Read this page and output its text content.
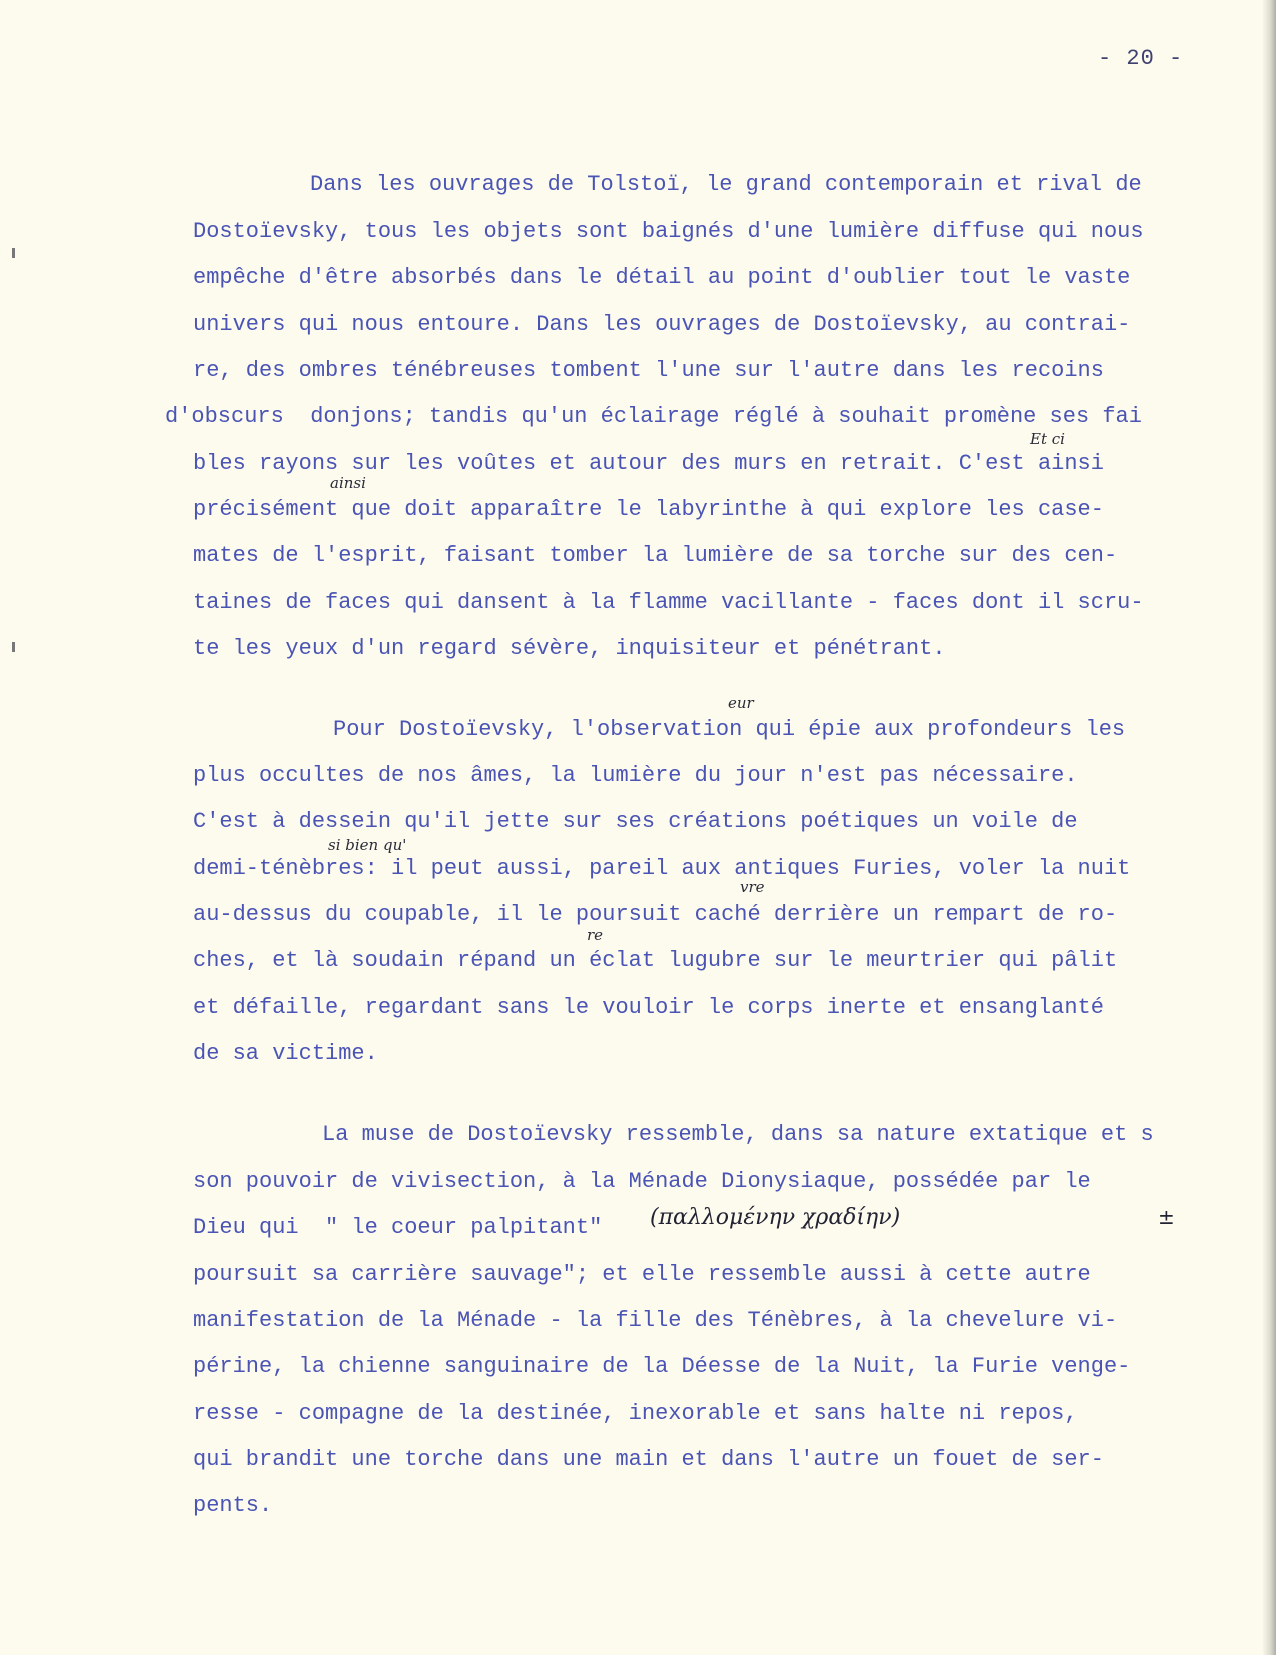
- 20 -

Dans les ouvrages de Tolstoï, le grand contemporain et rival de

Dostoïevsky, tous les objets sont baignés d'une lumière diffuse qui nous

empêche d'être absorbés dans le détail au point d'oublier tout le vaste

univers qui nous entoure. Dans les ouvrages de Dostoïevsky, au contrai-

re, des ombres ténébreuses tombent l'une sur l'autre dans les recoins

d'obscurs  donjons; tandis qu'un éclairage réglé à souhait promène ses fai

bles rayons sur les voûtes et autour des murs en retrait. C'est ainsi

précisément que doit apparaître le labyrinthe à qui explore les case-

mates de l'esprit, faisant tomber la lumière de sa torche sur des cen-

taines de faces qui dansent à la flamme vacillante - faces dont il scru-

te les yeux d'un regard sévère, inquisiteur et pénétrant.

Pour Dostoïevsky, l'observation qui épie aux profondeurs les

plus occultes de nos âmes, la lumière du jour n'est pas nécessaire.

C'est à dessein qu'il jette sur ses créations poétiques un voile de

demi-ténèbres: il peut aussi, pareil aux antiques Furies, voler la nuit

au-dessus du coupable, il le poursuit caché derrière un rempart de ro-

ches, et là soudain répand un éclat lugubre sur le meurtrier qui pâlit

et défaille, regardant sans le vouloir le corps inerte et ensanglanté

de sa victime.

La muse de Dostoïevsky ressemble, dans sa nature extatique et s

son pouvoir de vivisection, à la Ménade Dionysiaque, possédée par le

Dieu qui  " le coeur palpitant"

poursuit sa carrière sauvage"; et elle ressemble aussi à cette autre

manifestation de la Ménade - la fille des Ténèbres, à la chevelure vi-

périne, la chienne sanguinaire de la Déesse de la Nuit, la Furie venge-

resse - compagne de la destinée, inexorable et sans halte ni repos,

qui brandit une torche dans une main et dans l'autre un fouet de ser-

pents.

Et ci
ainsi
eur
si bien qu'
vre
re
(παλλομένην χραδίην)	±
